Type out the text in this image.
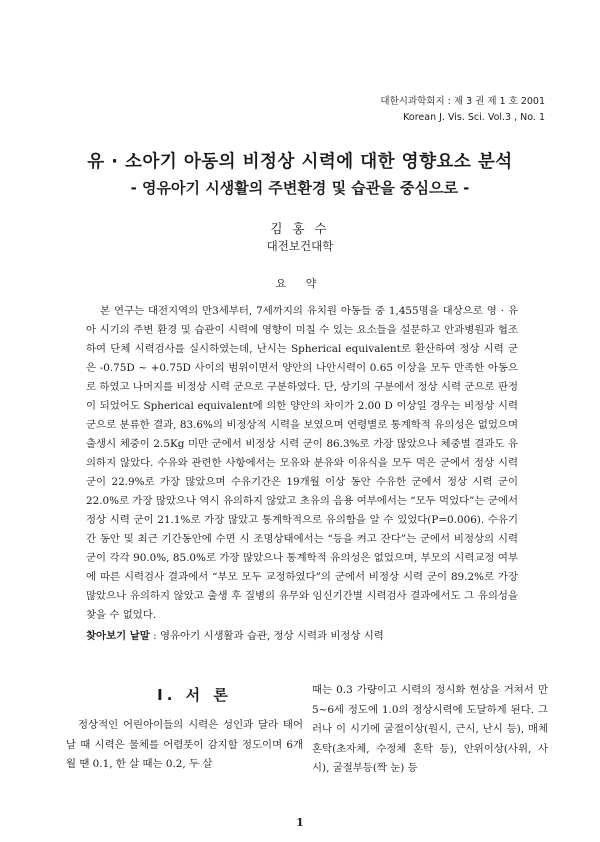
대한시과학회지 : 제 3 권 제 1 호 2001
Korean J. Vis. Sci. Vol.3 , No. 1
유 · 소아기 아동의 비정상 시력에 대한 영향요소 분석
- 영유아기 시생활의 주변환경 및 습관을 중심으로 -
김 홍 수
대전보건대학
요 약

본 연구는 대전지역의 만3세부터, 7세까지의 유치원 아동들 중 1,455명을 대상으로 영 · 유아 시기의 주변 환경 및 습관이 시력에 영향이 미칠 수 있는 요소들을 설문하고 안과병원과 협조하여 단체 시력검사를 실시하였는데, 난시는 Spherical equivalent로 환산하여 정상 시력 군은 -0.75D ~ +0.75D 사이의 범위이면서 양안의 나안시력이 0.65 이상을 모두 만족한 아동으로 하였고 나머지를 비정상 시력 군으로 구분하였다. 단, 상기의 구분에서 정상 시력 군으로 판정이 되었어도 Spherical equivalent에 의한 양안의 차이가 2.00 D 이상일 경우는 비정상 시력 군으로 분류한 결과, 83.6%의 비정상적 시력을 보였으며 연령별로 통계학적 유의성은 없었으며 출생시 체중이 2.5Kg 미만 군에서 비정상 시력 군이 86.3%로 가장 많았으나 체중별 결과도 유의하지 않았다. 수유와 관련한 사항에서는 모유와 분유와 이유식을 모두 먹은 군에서 정상 시력 군이 22.9%로 가장 많았으며 수유기간은 19개월 이상 동안 수유한 군에서 정상 시력 군이 22.0%로 가장 많았으나 역시 유의하지 않았고 초유의 음용 여부에서는 “모두 먹었다”는 군에서 정상 시력 군이 21.1%로 가장 많았고 통계학적으로 유의함을 알 수 있었다(P=0.006). 수유기간 동안 및 최근 기간동안에 수면 시 조명상태에서는 “등을 켜고 잔다”는 군에서 비정상의 시력 군이 각각 90.0%, 85.0%로 가장 많았으나 통계학적 유의성은 없었으며, 부모의 시력교정 여부에 따른 시력검사 결과에서 “부모 모두 교정하였다”의 군에서 비정상 시력 군이 89.2%로 가장 많았으나 유의하지 않았고 출생 후 질병의 유무와 임신기간별 시력검사 결과에서도 그 유의성을 찾을 수 없었다.

찾아보기 낱말 : 영유아기 시생활과 습관, 정상 시력과 비정상 시력
Ⅰ. 서 론

정상적인 어린아이들의 시력은 성인과 달라 태어날 때 시력은 물체를 어렴풋이 감지할 정도이며 6개월 땐 0.1, 한 살 때는 0.2, 두 살

때는 0.3 가량이고 시력의 정시화 현상을 거쳐서 만 5~6세 정도에 1.0의 정상시력에 도달하게 된다. 그러나 이 시기에 굴절이상(원시, 근시, 난시 등), 매체혼탁(초자체, 수정체 혼탁 등), 안위이상(사위, 사시), 굴절부등(짝 눈) 등

1
